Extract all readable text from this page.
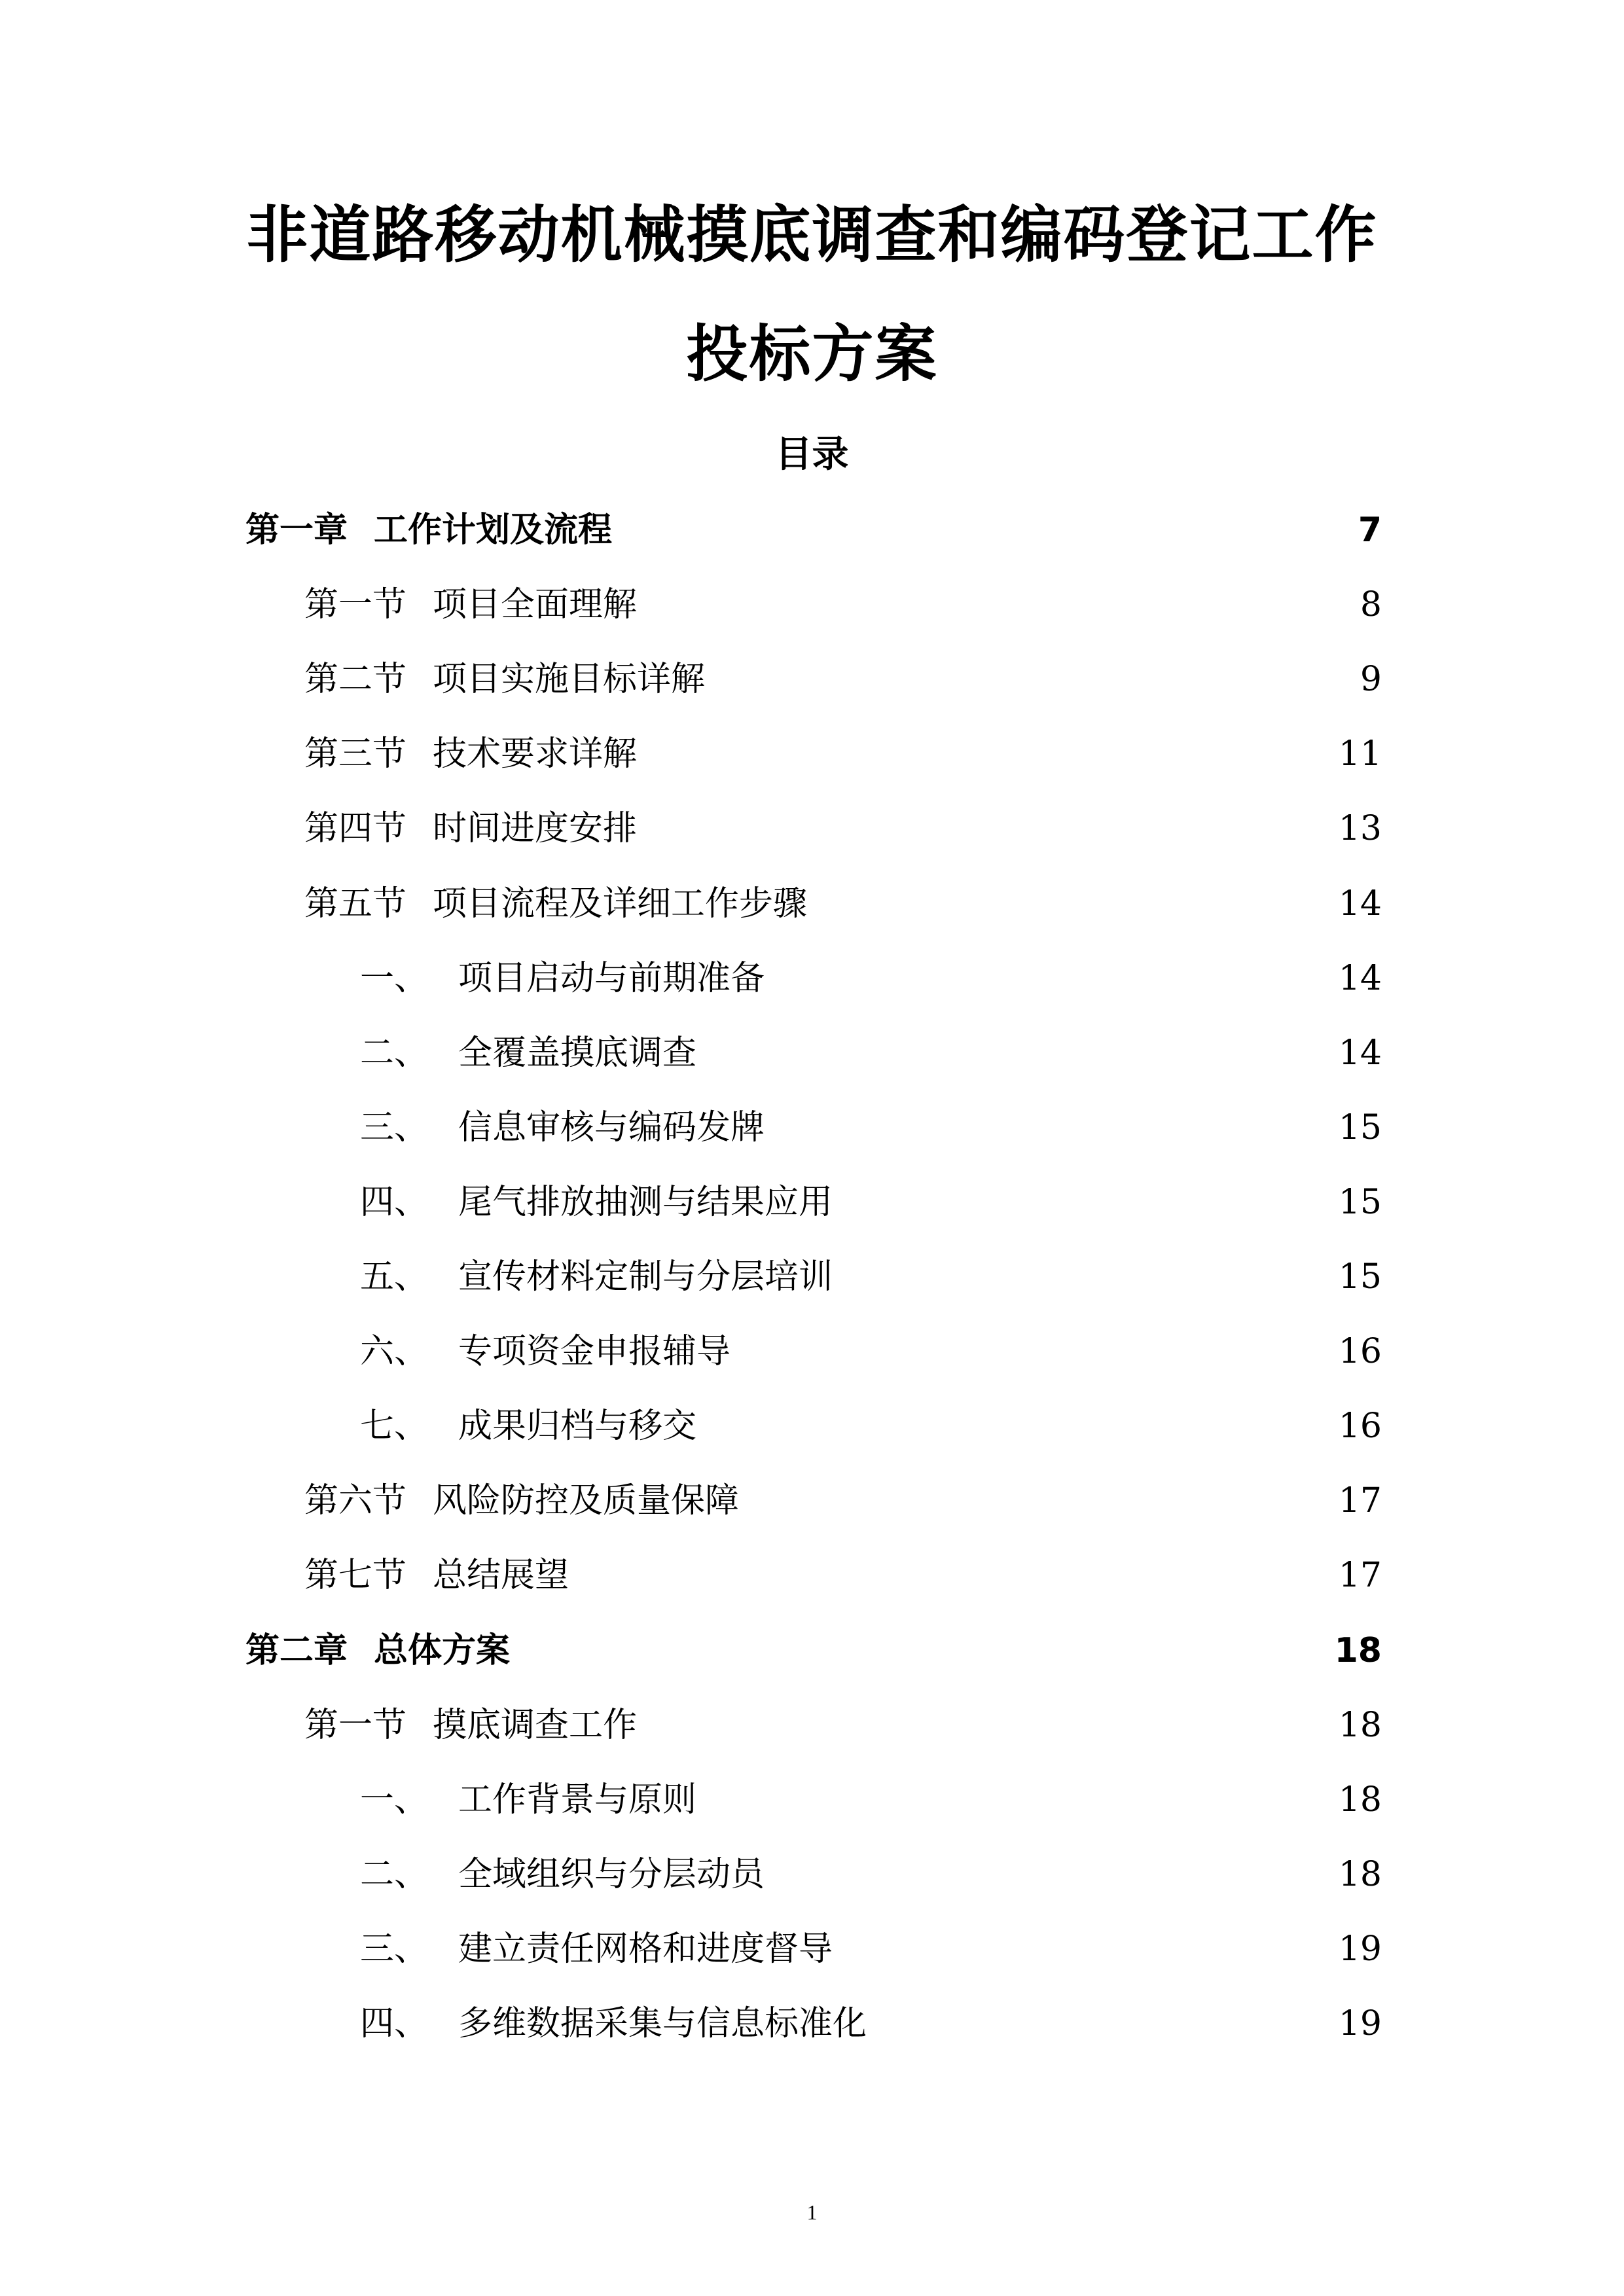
非道路移动机械摸底调查和编码登记工作
投标方案
目录
第一章 工作计划及流程	7
第一节 项目全面理解	8
第二节 项目实施目标详解	9
第三节 技术要求详解	11
第四节 时间进度安排	13
第五节 项目流程及详细工作步骤	14
一、 项目启动与前期准备	14
二、 全覆盖摸底调查	14
三、 信息审核与编码发牌	15
四、 尾气排放抽测与结果应用	15
五、 宣传材料定制与分层培训	15
六、 专项资金申报辅导	16
七、 成果归档与移交	16
第六节 风险防控及质量保障	17
第七节 总结展望	17
第二章 总体方案	18
第一节 摸底调查工作	18
一、 工作背景与原则	18
二、 全域组织与分层动员	18
三、 建立责任网格和进度督导	19
四、 多维数据采集与信息标准化	19
1
